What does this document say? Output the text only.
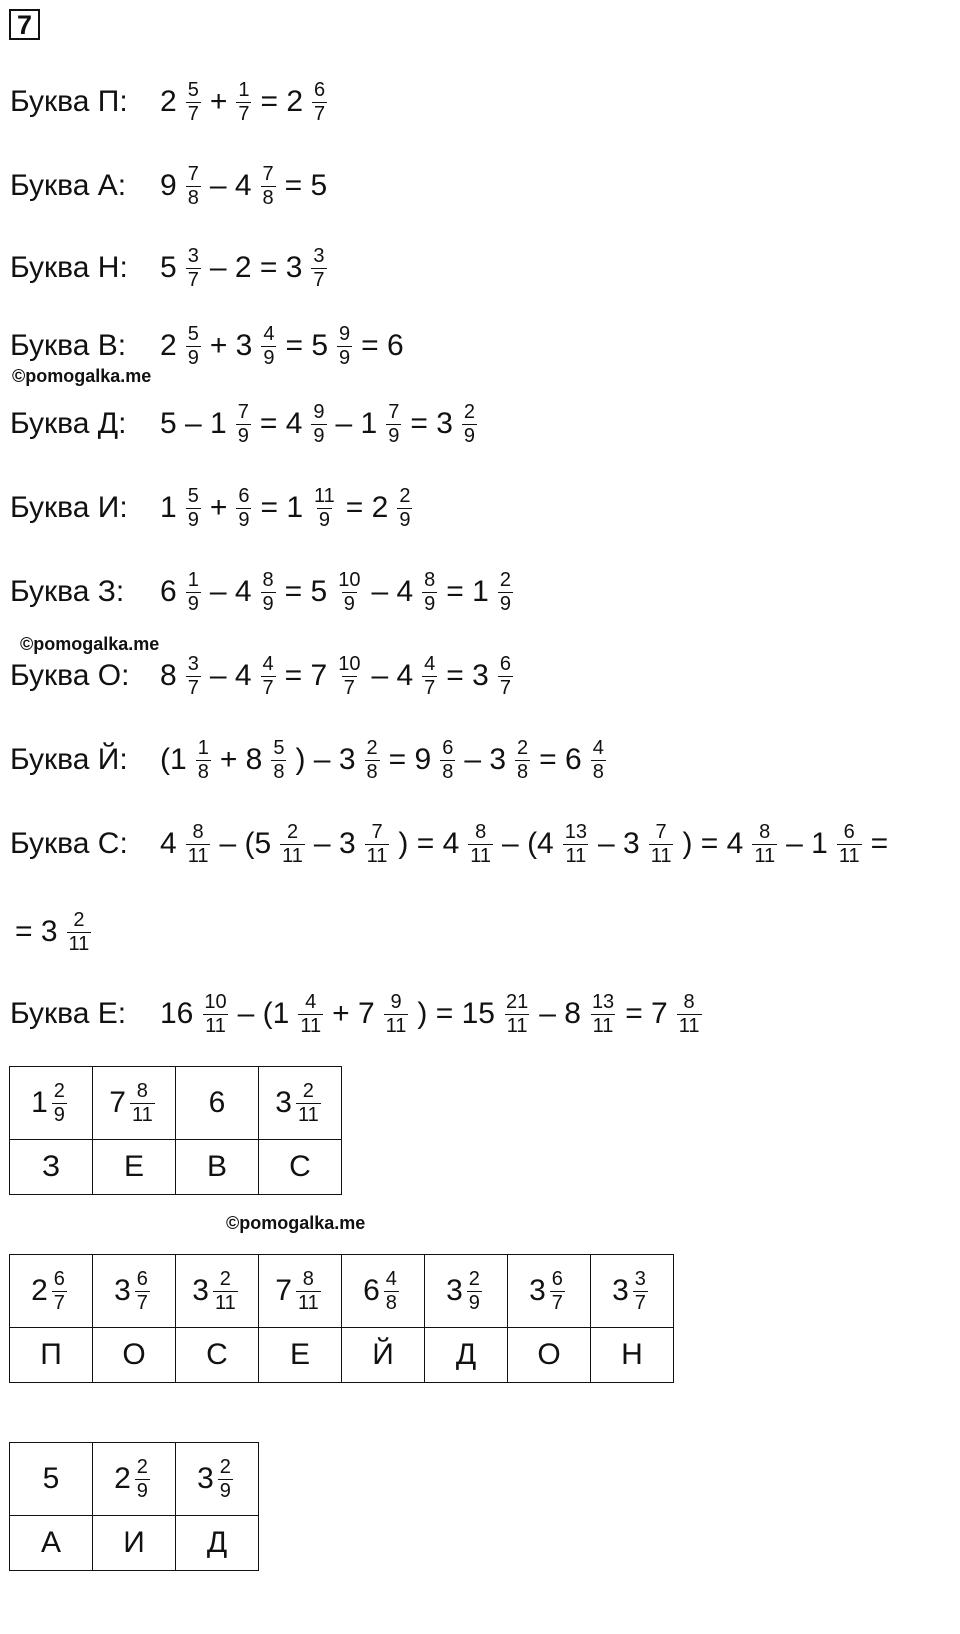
7
Буква П:	$2 \frac{5}{7} + \frac{1}{7} = 2 \frac{6}{7}$
Буква А:	$9 \frac{7}{8} - 4 \frac{7}{8} = 5$
Буква Н:	$5 \frac{3}{7} - 2 = 3 \frac{3}{7}$
Буква В:	$2 \frac{5}{9} + 3 \frac{4}{9} = 5 \frac{9}{9} = 6$
Буква Д:	$5 - 1 \frac{7}{9} = 4 \frac{9}{9} - 1 \frac{7}{9} = 3 \frac{2}{9}$
Буква И:	$1 \frac{5}{9} + \frac{6}{9} = 1 \frac{11}{9} = 2 \frac{2}{9}$
Буква З:	$6 \frac{1}{9} - 4 \frac{8}{9} = 5 \frac{10}{9} - 4 \frac{8}{9} = 1 \frac{2}{9}$
Буква О:	$8 \frac{3}{7} - 4 \frac{4}{7} = 7 \frac{10}{7} - 4 \frac{4}{7} = 3 \frac{6}{7}$
Буква Й:	($1 \frac{1}{8} + 8 \frac{5}{8}$ ) – $3 \frac{2}{8} = 9 \frac{6}{8} - 3 \frac{2}{8} = 6 \frac{4}{8}$
Буква С:	$4 \frac{8}{11} - (5 \frac{2}{11} - 3 \frac{7}{11}$ ) = $4 \frac{8}{11} - (4 \frac{13}{11} - 3 \frac{7}{11}$ ) = $4 \frac{8}{11} - 1 \frac{6}{11}$ =
= $3 \frac{2}{11}$
Буква Е:	$16 \frac{10}{11} - (1 \frac{4}{11} + 7 \frac{9}{11}$ ) = $15 \frac{21}{11} - 8 \frac{13}{11} = 7 \frac{8}{11}$
©pomogalka.me
©pomogalka.me
©pomogalka.me
$1 \frac{2}{9}$	$7 \frac{8}{11}$	6	$3 \frac{2}{11}$

З	Е	В	С
$2 \frac{6}{7}$	$3 \frac{6}{7}$	$3 \frac{2}{11}$	$7 \frac{8}{11}$	$6 \frac{4}{8}$	$3 \frac{2}{9}$	$3 \frac{6}{7}$	$3 \frac{3}{7}$

П	О	С	Е	Й	Д	О	Н
5	$2 \frac{2}{9}$	$3 \frac{2}{9}$

А	И	Д
